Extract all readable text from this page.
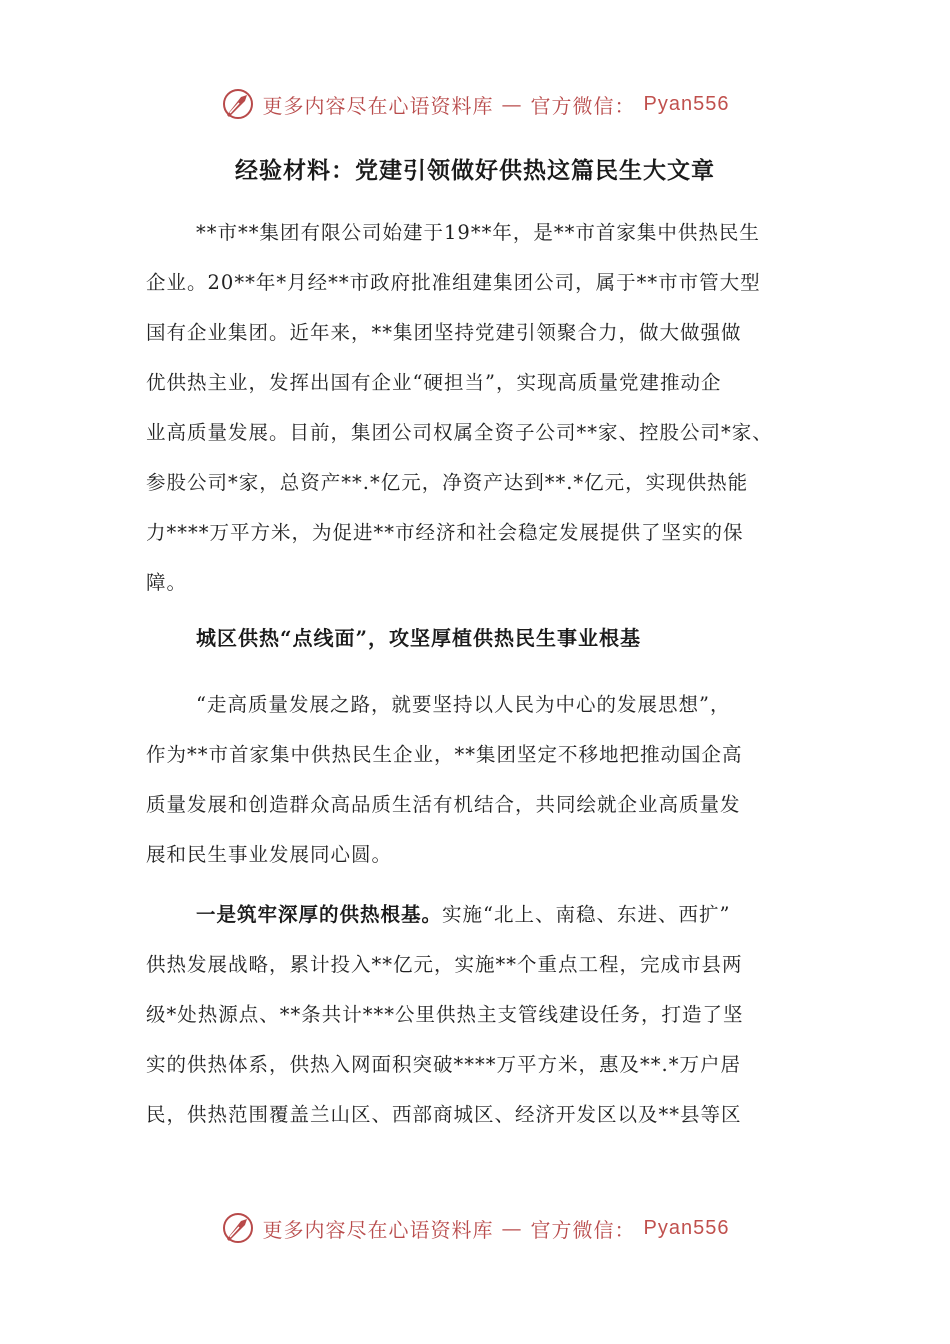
更多内容尽在心语资料库 — 官方微信： Pyan556
经验材料：党建引领做好供热这篇民生大文章
**市**集团有限公司始建于19**年，是**市首家集中供热民生
企业。20**年*月经**市政府批准组建集团公司，属于**市市管大型
国有企业集团。近年来，**集团坚持党建引领聚合力，做大做强做
优供热主业，发挥出国有企业“硬担当”，实现高质量党建推动企
业高质量发展。目前，集团公司权属全资子公司**家、控股公司*家、
参股公司*家，总资产**.*亿元，净资产达到**.*亿元，实现供热能
力****万平方米，为促进**市经济和社会稳定发展提供了坚实的保
障。
城区供热“点线面”，攻坚厚植供热民生事业根基
“走高质量发展之路，就要坚持以人民为中心的发展思想”，
作为**市首家集中供热民生企业，**集团坚定不移地把推动国企高
质量发展和创造群众高品质生活有机结合，共同绘就企业高质量发
展和民生事业发展同心圆。
一是筑牢深厚的供热根基。实施“北上、南稳、东进、西扩”
供热发展战略，累计投入**亿元，实施**个重点工程，完成市县两
级*处热源点、**条共计***公里供热主支管线建设任务，打造了坚
实的供热体系，供热入网面积突破****万平方米，惠及**.*万户居
民，供热范围覆盖兰山区、西部商城区、经济开发区以及**县等区
更多内容尽在心语资料库 — 官方微信： Pyan556
